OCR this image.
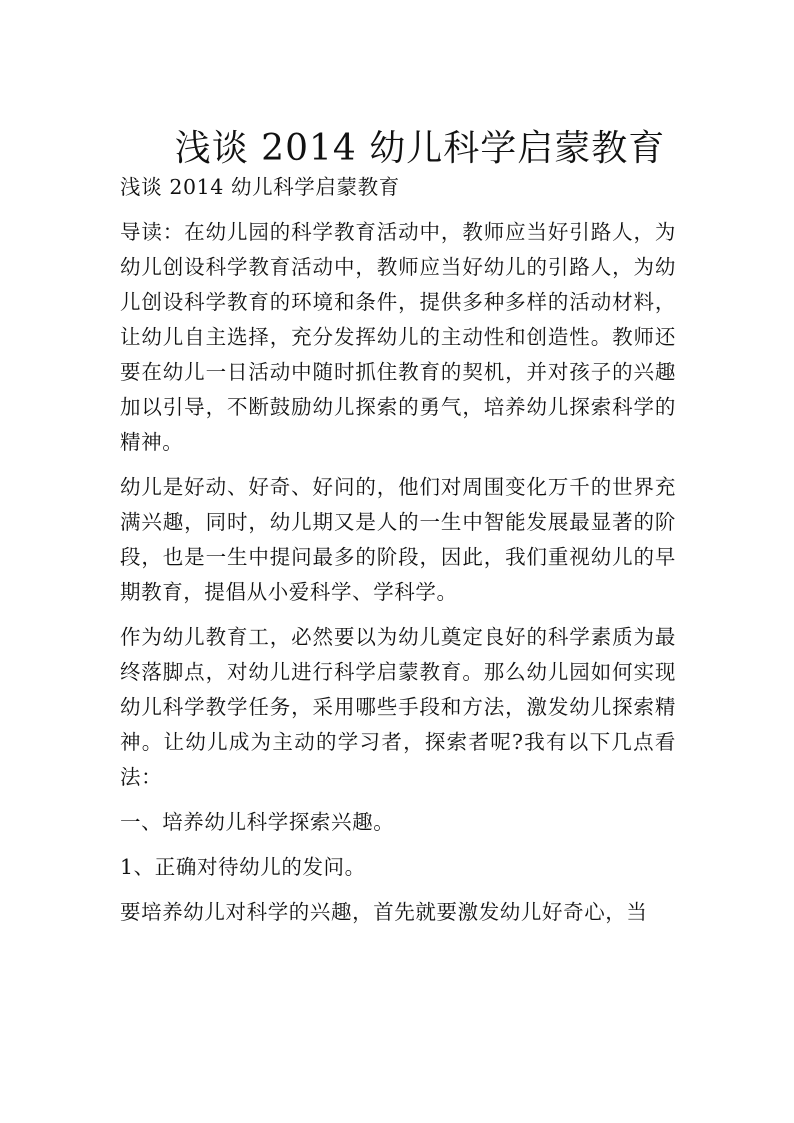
浅谈 2014 幼儿科学启蒙教育

浅谈 2014 幼儿科学启蒙教育

导读：在幼儿园的科学教育活动中，教师应当好引路人，为幼儿创设科学教育活动中，教师应当好幼儿的引路人，为幼儿创设科学教育的环境和条件，提供多种多样的活动材料，让幼儿自主选择，充分发挥幼儿的主动性和创造性。教师还要在幼儿一日活动中随时抓住教育的契机，并对孩子的兴趣加以引导，不断鼓励幼儿探索的勇气，培养幼儿探索科学的精神。

幼儿是好动、好奇、好问的，他们对周围变化万千的世界充满兴趣，同时，幼儿期又是人的一生中智能发展最显著的阶段，也是一生中提问最多的阶段，因此，我们重视幼儿的早期教育，提倡从小爱科学、学科学。

作为幼儿教育工，必然要以为幼儿奠定良好的科学素质为最终落脚点，对幼儿进行科学启蒙教育。那么幼儿园如何实现幼儿科学教学任务，采用哪些手段和方法，激发幼儿探索精神。让幼儿成为主动的学习者，探索者呢?我有以下几点看法：

一、培养幼儿科学探索兴趣。

1、正确对待幼儿的发问。

要培养幼儿对科学的兴趣，首先就要激发幼儿好奇心，当
